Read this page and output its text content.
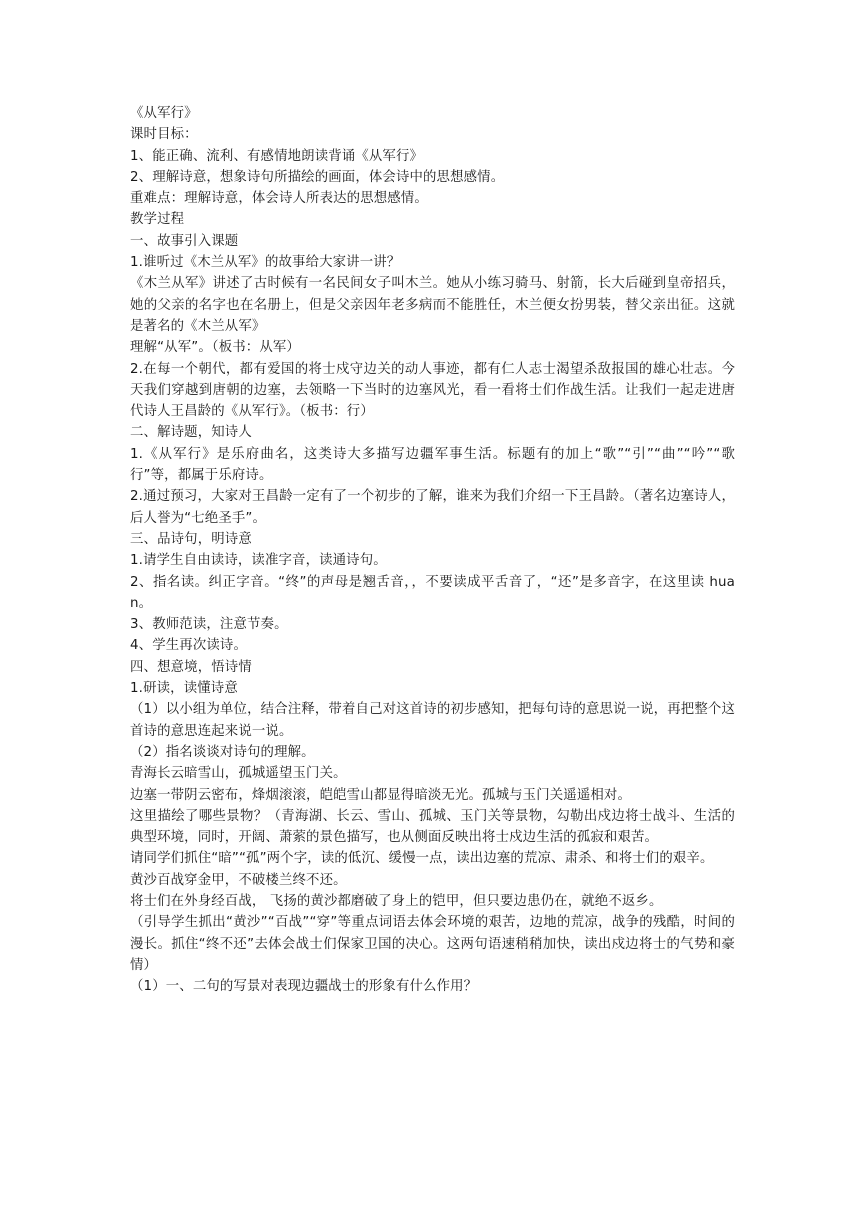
《从军行》

课时目标：

1、能正确、流利、有感情地朗读背诵《从军行》

2、理解诗意，想象诗句所描绘的画面，体会诗中的思想感情。

重难点：理解诗意，体会诗人所表达的思想感情。

教学过程

一、故事引入课题

1.谁听过《木兰从军》的故事给大家讲一讲？

《木兰从军》讲述了古时候有一名民间女子叫木兰。她从小练习骑马、射箭，长大后碰到皇帝招兵，她的父亲的名字也在名册上，但是父亲因年老多病而不能胜任，木兰便女扮男装，替父亲出征。这就是著名的《木兰从军》

理解“从军”。（板书：从军）

2.在每一个朝代，都有爱国的将士戍守边关的动人事迹，都有仁人志士渴望杀敌报国的雄心壮志。今天我们穿越到唐朝的边塞，去领略一下当时的边塞风光，看一看将士们作战生活。让我们一起走进唐代诗人王昌龄的《从军行》。（板书：行）

二、解诗题，知诗人

1.《从军行》是乐府曲名，这类诗大多描写边疆军事生活。标题有的加上“歌”“引”“曲”“吟”“歌行”等，都属于乐府诗。

2.通过预习，大家对王昌龄一定有了一个初步的了解，谁来为我们介绍一下王昌龄。（著名边塞诗人，后人誉为“七绝圣手”。

三、品诗句，明诗意

1.请学生自由读诗，读准字音，读通诗句。

2、指名读。纠正字音。“终”的声母是翘舌音，，不要读成平舌音了，“还”是多音字，在这里读 huan。

3、教师范读，注意节奏。

4、学生再次读诗。

四、想意境，悟诗情

1.研读，读懂诗意

（1）以小组为单位，结合注释，带着自己对这首诗的初步感知，把每句诗的意思说一说，再把整个这首诗的意思连起来说一说。

（2）指名谈谈对诗句的理解。

青海长云暗雪山，孤城遥望玉门关。

边塞一带阴云密布，烽烟滚滚，皑皑雪山都显得暗淡无光。孤城与玉门关遥遥相对。

这里描绘了哪些景物？（青海湖、长云、雪山、孤城、玉门关等景物，勾勒出戍边将士战斗、生活的典型环境，同时，开阔、萧萦的景色描写，也从侧面反映出将士戍边生活的孤寂和艰苦。

请同学们抓住“暗”“孤”两个字，读的低沉、缓慢一点，读出边塞的荒凉、肃杀、和将士们的艰辛。

黄沙百战穿金甲，不破楼兰终不还。

将士们在外身经百战， 飞扬的黄沙都磨破了身上的铠甲，但只要边患仍在，就绝不返乡。

（引导学生抓出“黄沙”“百战”“穿”等重点词语去体会环境的艰苦，边地的荒凉，战争的残酷，时间的漫长。抓住“终不还”去体会战士们保家卫国的决心。这两句语速稍稍加快，读出戍边将士的气势和豪情）

（1）一、二句的写景对表现边疆战士的形象有什么作用？
